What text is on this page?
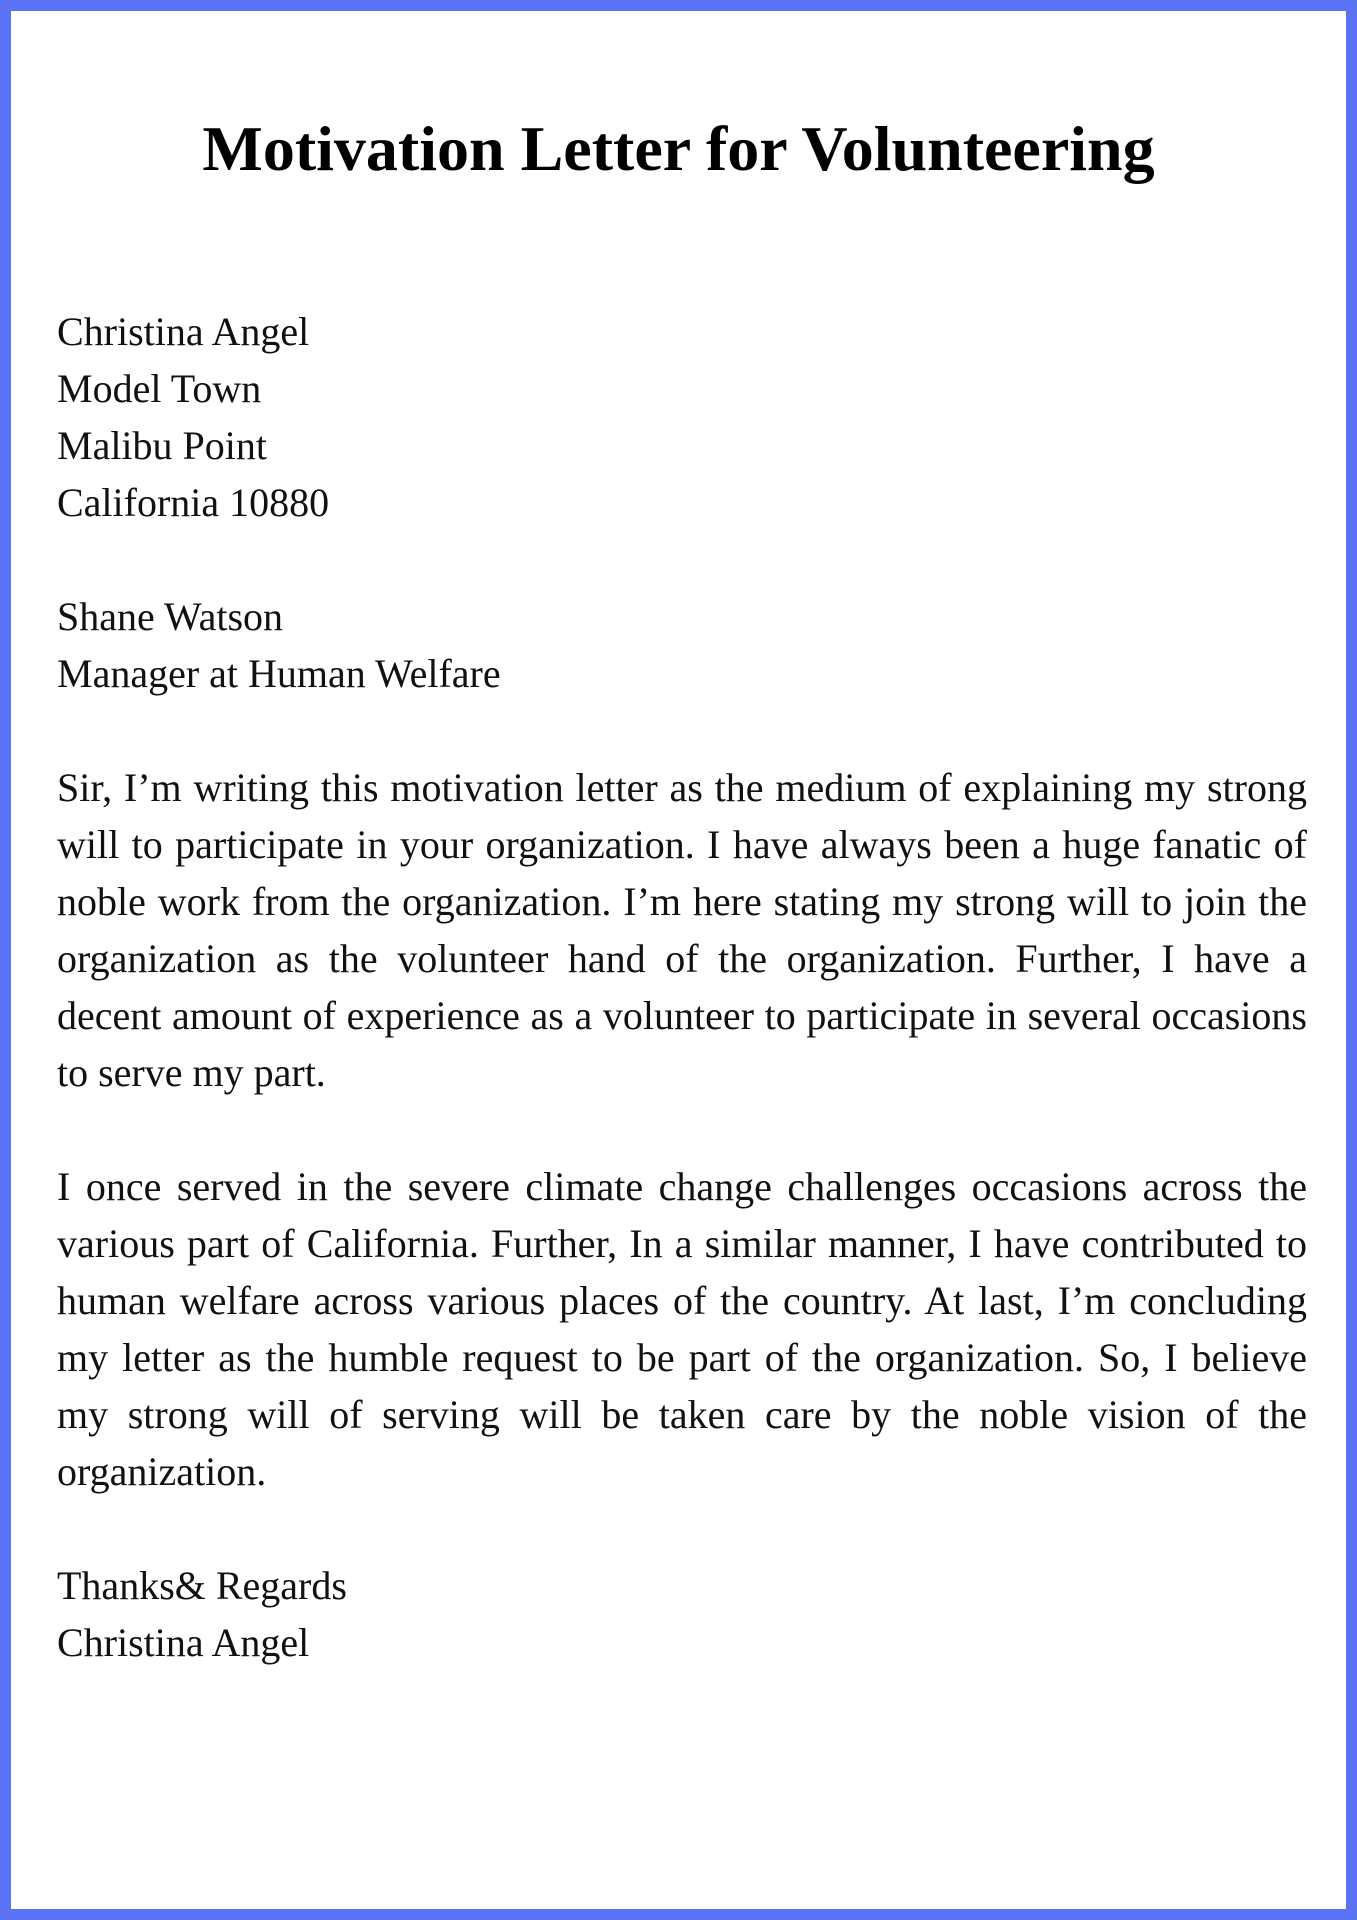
Motivation Letter for Volunteering
Christina Angel
Model Town
Malibu Point
California 10880
Shane Watson
Manager at Human Welfare

Sir, I’m writing this motivation letter as the medium of explaining my strong will to participate in your organization. I have always been a huge fanatic of noble work from the organization. I’m here stating my strong will to join the organization as the volunteer hand of the organization. Further, I have a decent amount of experience as a volunteer to participate in several occasions to serve my part.

I once served in the severe climate change challenges occasions across the various part of California. Further, In a similar manner, I have contributed to human welfare across various places of the country. At last, I’m concluding my letter as the humble request to be part of the organization. So, I believe my strong will of serving will be taken care by the noble vision of the organization.

Thanks& Regards
Christina Angel
